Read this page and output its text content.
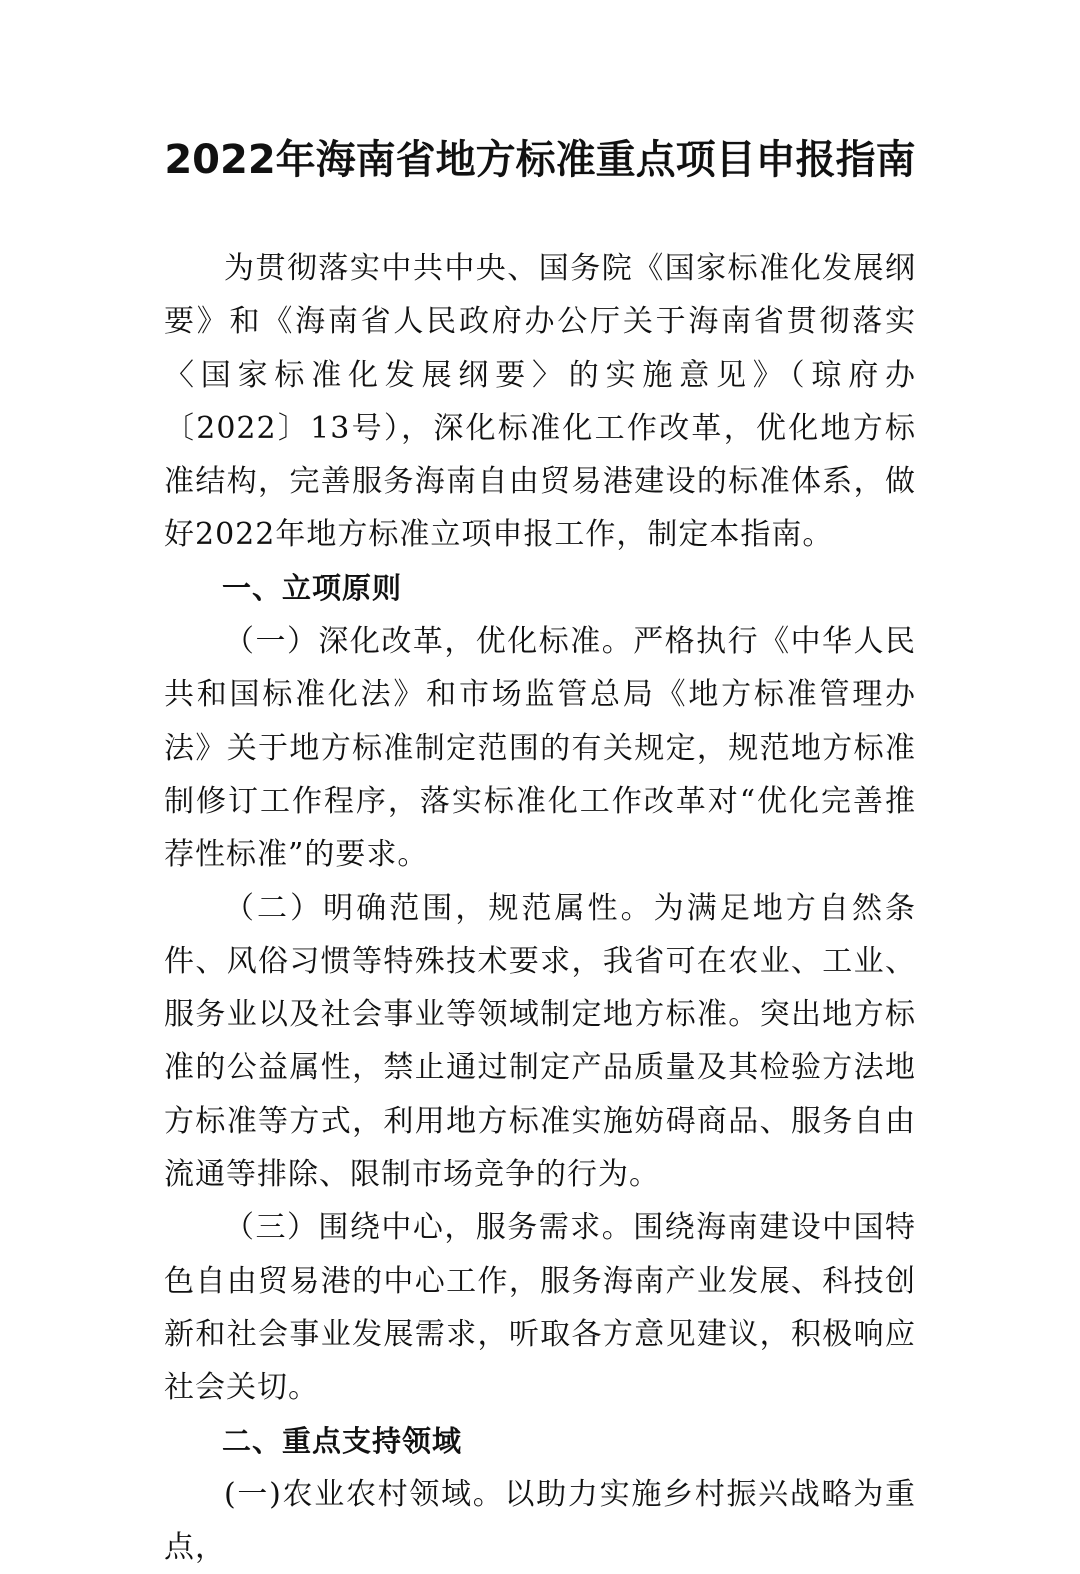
2022年海南省地方标准重点项目申报指南

为贯彻落实中共中央、国务院《国家标准化发展纲要》和《海南省人民政府办公厅关于海南省贯彻落实〈国家标准化发展纲要〉的实施意见》（琼府办〔2022〕13号），深化标准化工作改革，优化地方标准结构，完善服务海南自由贸易港建设的标准体系，做好2022年地方标准立项申报工作，制定本指南。

一、立项原则

（一）深化改革，优化标准。严格执行《中华人民共和国标准化法》和市场监管总局《地方标准管理办法》关于地方标准制定范围的有关规定，规范地方标准制修订工作程序，落实标准化工作改革对“优化完善推荐性标准”的要求。

（二）明确范围，规范属性。为满足地方自然条件、风俗习惯等特殊技术要求，我省可在农业、工业、服务业以及社会事业等领域制定地方标准。突出地方标准的公益属性，禁止通过制定产品质量及其检验方法地方标准等方式，利用地方标准实施妨碍商品、服务自由流通等排除、限制市场竞争的行为。

（三）围绕中心，服务需求。围绕海南建设中国特色自由贸易港的中心工作，服务海南产业发展、科技创新和社会事业发展需求，听取各方意见建议，积极响应社会关切。

二、重点支持领域

(一)农业农村领域。以助力实施乡村振兴战略为重点，
